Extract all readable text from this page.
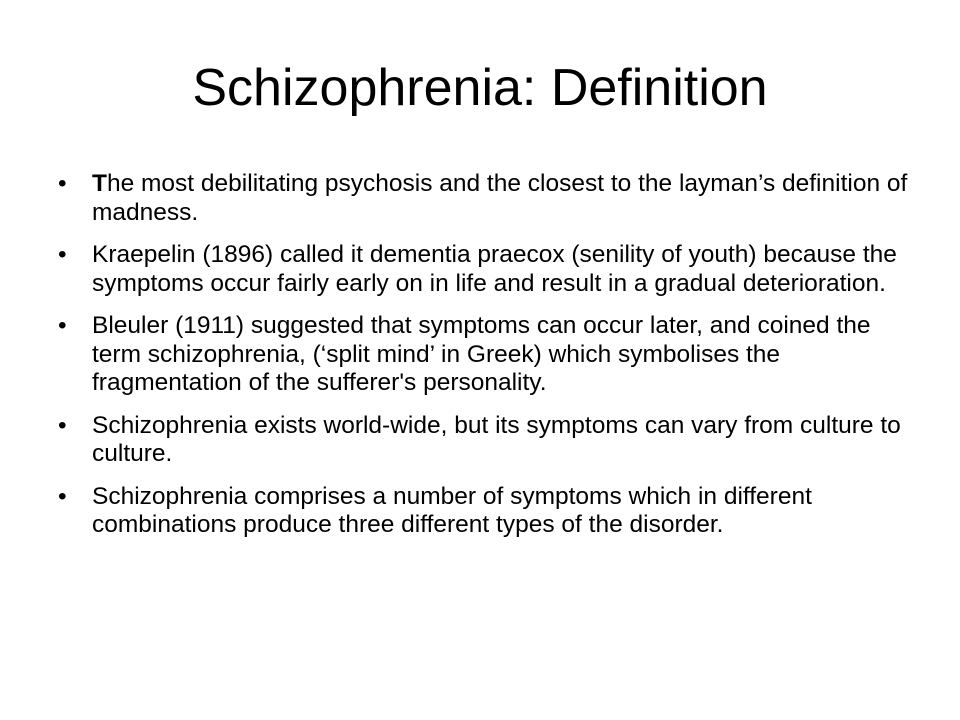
Schizophrenia: Definition
•	The most debilitating psychosis and the closest to the layman’s definition of madness.
•	Kraepelin (1896) called it dementia praecox (senility of youth) because the symptoms occur fairly early on in life and result in a gradual deterioration.
•	Bleuler (1911) suggested that symptoms can occur later, and coined the term schizophrenia, (‘split mind’ in Greek) which symbolises the fragmentation of the sufferer's personality.
•	Schizophrenia exists world-wide, but its symptoms can vary from culture to culture.
•	Schizophrenia comprises a number of symptoms which in different combinations produce three different types of the disorder.
